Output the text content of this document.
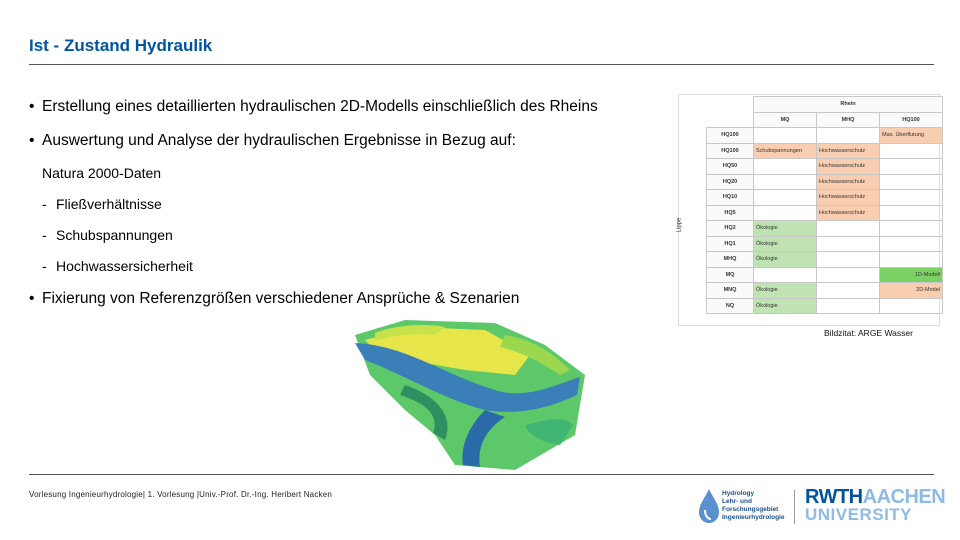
Ist - Zustand Hydraulik
• Erstellung eines detaillierten hydraulischen 2D-Modells einschließlich des Rheins
• Auswertung und Analyse der hydraulischen Ergebnisse in Bezug auf:
Natura 2000-Daten
- Fließverhältnisse
- Schubspannungen
- Hochwassersicherheit
• Fixierung von Referenzgrößen verschiedener Ansprüche & Szenarien
Lippe
	Rhein		
	MQ	MHQ	HQ100
HQ100			Max. Überflutung
HQ100	Schubspannungen	Hochwasserschutz	
HQ50		Hochwasserschutz	
HQ20		Hochwasserschutz	
HQ10		Hochwasserschutz	
HQ5		Hochwasserschutz	
HQ2	Ökologie		
HQ1	Ökologie		
MHQ	Ökologie		
MQ			1D-Modell
MNQ	Ökologie		2D-Model
NQ	Ökologie		
Bildzitat: ARGE Wasser
Vorlesung Ingenieurhydrologie| 1. Vorlesung |Univ.-Prof. Dr.-Ing. Heribert Nacken	Hydrology
Lehr- und
Forschungsgebiet
Ingenieurhydrologie
RWTHAACHEN
UNIVERSITY
